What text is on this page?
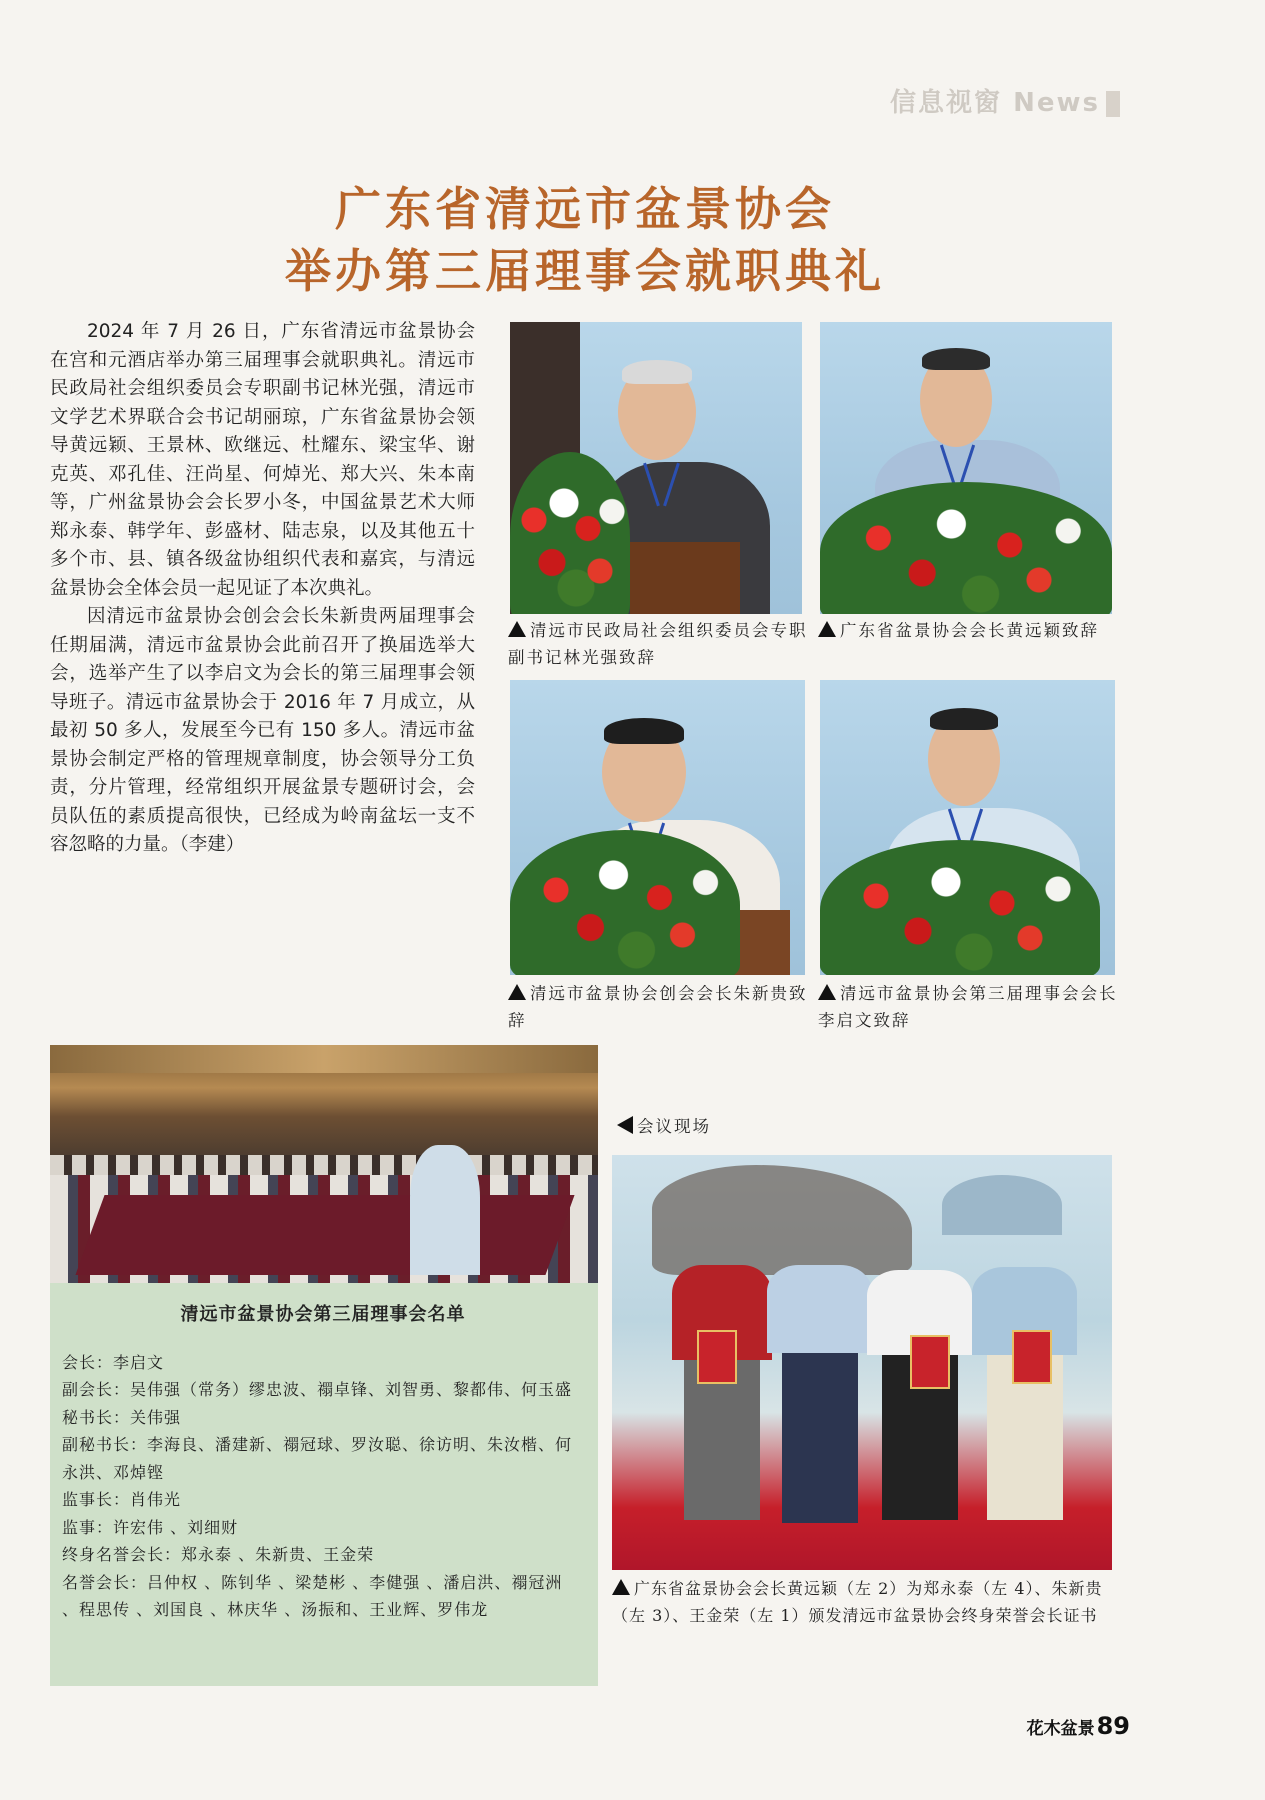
信息视窗 News
广东省清远市盆景协会
举办第三届理事会就职典礼

2024 年 7 月 26 日，广东省清远市盆景协会在宫和元酒店举办第三届理事会就职典礼。清远市民政局社会组织委员会专职副书记林光强，清远市文学艺术界联合会书记胡丽琼，广东省盆景协会领导黄远颖、王景林、欧继远、杜耀东、梁宝华、谢克英、邓孔佳、汪尚星、何焯光、郑大兴、朱本南等，广州盆景协会会长罗小冬，中国盆景艺术大师郑永泰、韩学年、彭盛材、陆志泉，以及其他五十多个市、县、镇各级盆协组织代表和嘉宾，与清远盆景协会全体会员一起见证了本次典礼。

因清远市盆景协会创会会长朱新贵两届理事会任期届满，清远市盆景协会此前召开了换届选举大会，选举产生了以李启文为会长的第三届理事会领导班子。清远市盆景协会于 2016 年 7 月成立，从最初 50 多人，发展至今已有 150 多人。清远市盆景协会制定严格的管理规章制度，协会领导分工负责，分片管理，经常组织开展盆景专题研讨会，会员队伍的素质提高很快，已经成为岭南盆坛一支不容忽略的力量。（李建）

清远市民政局社会组织委员会专职副书记林光强致辞
广东省盆景协会会长黄远颖致辞
清远市盆景协会创会会长朱新贵致辞
清远市盆景协会第三届理事会会长李启文致辞
清远市盆景协会第三届理事会名单
会长：李启文
副会长：吴伟强（常务）缪忠波、禤卓锋、刘智勇、黎都伟、何玉盛
秘书长：关伟强
副秘书长：李海良、潘建新、禤冠球、罗汝聪、徐访明、朱汝楷、何永洪、邓焯铿
监事长：肖伟光
监事：许宏伟 、刘细财
终身名誉会长：郑永泰 、朱新贵、王金荣
名誉会长：吕仲权 、陈钊华 、梁楚彬 、李健强 、潘启洪、禤冠洲 、程思传 、刘国良 、林庆华 、汤振和、王业辉、罗伟龙
会议现场
广东省盆景协会会长黄远颖（左 2）为郑永泰（左 4）、朱新贵（左 3）、王金荣（左 1）颁发清远市盆景协会终身荣誉会长证书
花木盆景89
